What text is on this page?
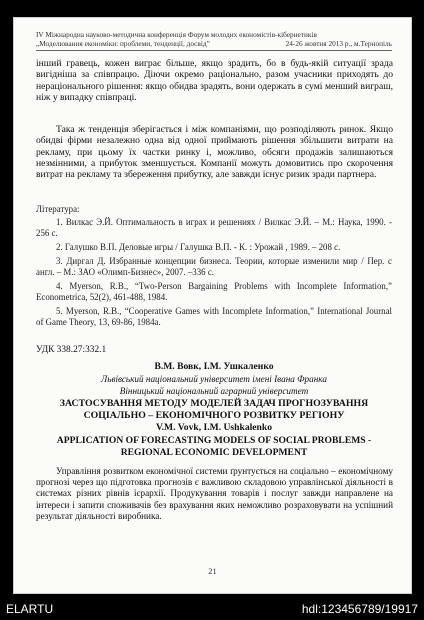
IV Міжнародна науково-методична конференція Форум молодих економістів-кібернетиків
„Моделювання економіки: проблеми, тенденції, досвід”	24-26 жовтня 2013 р., м.Тернопіль
інший гравець, кожен виграє більше, якщо зрадить, бо в будь-якій ситуації зрада вигідніша за співпрацю. Діючи окремо раціонально, разом учасники приходять до нераціонального рішення: якщо обидва зрадять, вони одержать в сумі менший виграш, ніж у випадку співпраці.
Така ж тенденція зберігається і між компаніями, що розподіляють ринок. Якщо обидві фірми незалежно одна від одної приймають рішення збільшити витрати на рекламу, при цьому їх частки ринку і, можливо, обсяги продажів залишаються незмінними, а прибуток зменшується. Компанії можуть домовитись про скорочення витрат на рекламу та збереження прибутку, але завжди існує ризик зради партнера.
Література:
1. Вилкас Э.Й. Оптимальность в играх и решениях / Вилкас Э.Й. – М.: Наука, 1990. - 256 с.
2. Галушко В.П. Деловые игры / Галушка В.П. - К. : Урожай , 1989. – 208 с.
3. Диргал Д. Избранные концепции бизнеса. Теории, которые изменили мир / Пер. с англ. – М.: ЗАО «Олимп-Бизнес», 2007. –336 с.
4. Myerson, R.B., “Two-Person Bargaining Problems with Incomplete Information,” Econometrica, 52(2), 461-488, 1984.
5. Myerson, R.B., “Cooperative Games with Incomplete Information,” International Journal of Game Theory, 13, 69-86, 1984a.
УДК 338.27:332.1
В.М. Вовк, І.М. Ушкаленко
Львівський національний університет імені Івана Франка
Вінницький національний аграрний університет
ЗАСТОСУВАННЯ МЕТОДУ МОДЕЛЕЙ ЗАДАЧ ПРОГНОЗУВАННЯ СОЦІАЛЬНО – ЕКОНОМІЧНОГО РОЗВИТКУ РЕГІОНУ
V.M. Vovk, I.M. Ushkalenko
APPLICATION OF FORECASTING MODELS OF SOCIAL PROBLEMS - REGIONAL ECONOMIC DEVELOPMENT
Управління розвитком економічної системи ґрунтується на соціально – економічному прогнозі через що підготовка прогнозів є важливою складовою управлінської діяльності в системах різних рівнів ієрархії. Продукування товарів і послуг завжди направлене на інтереси і запити споживачів без врахування яких неможливо розраховувати на успішний результат діяльності виробника.
21
ELARTU	hdl:123456789/19917
